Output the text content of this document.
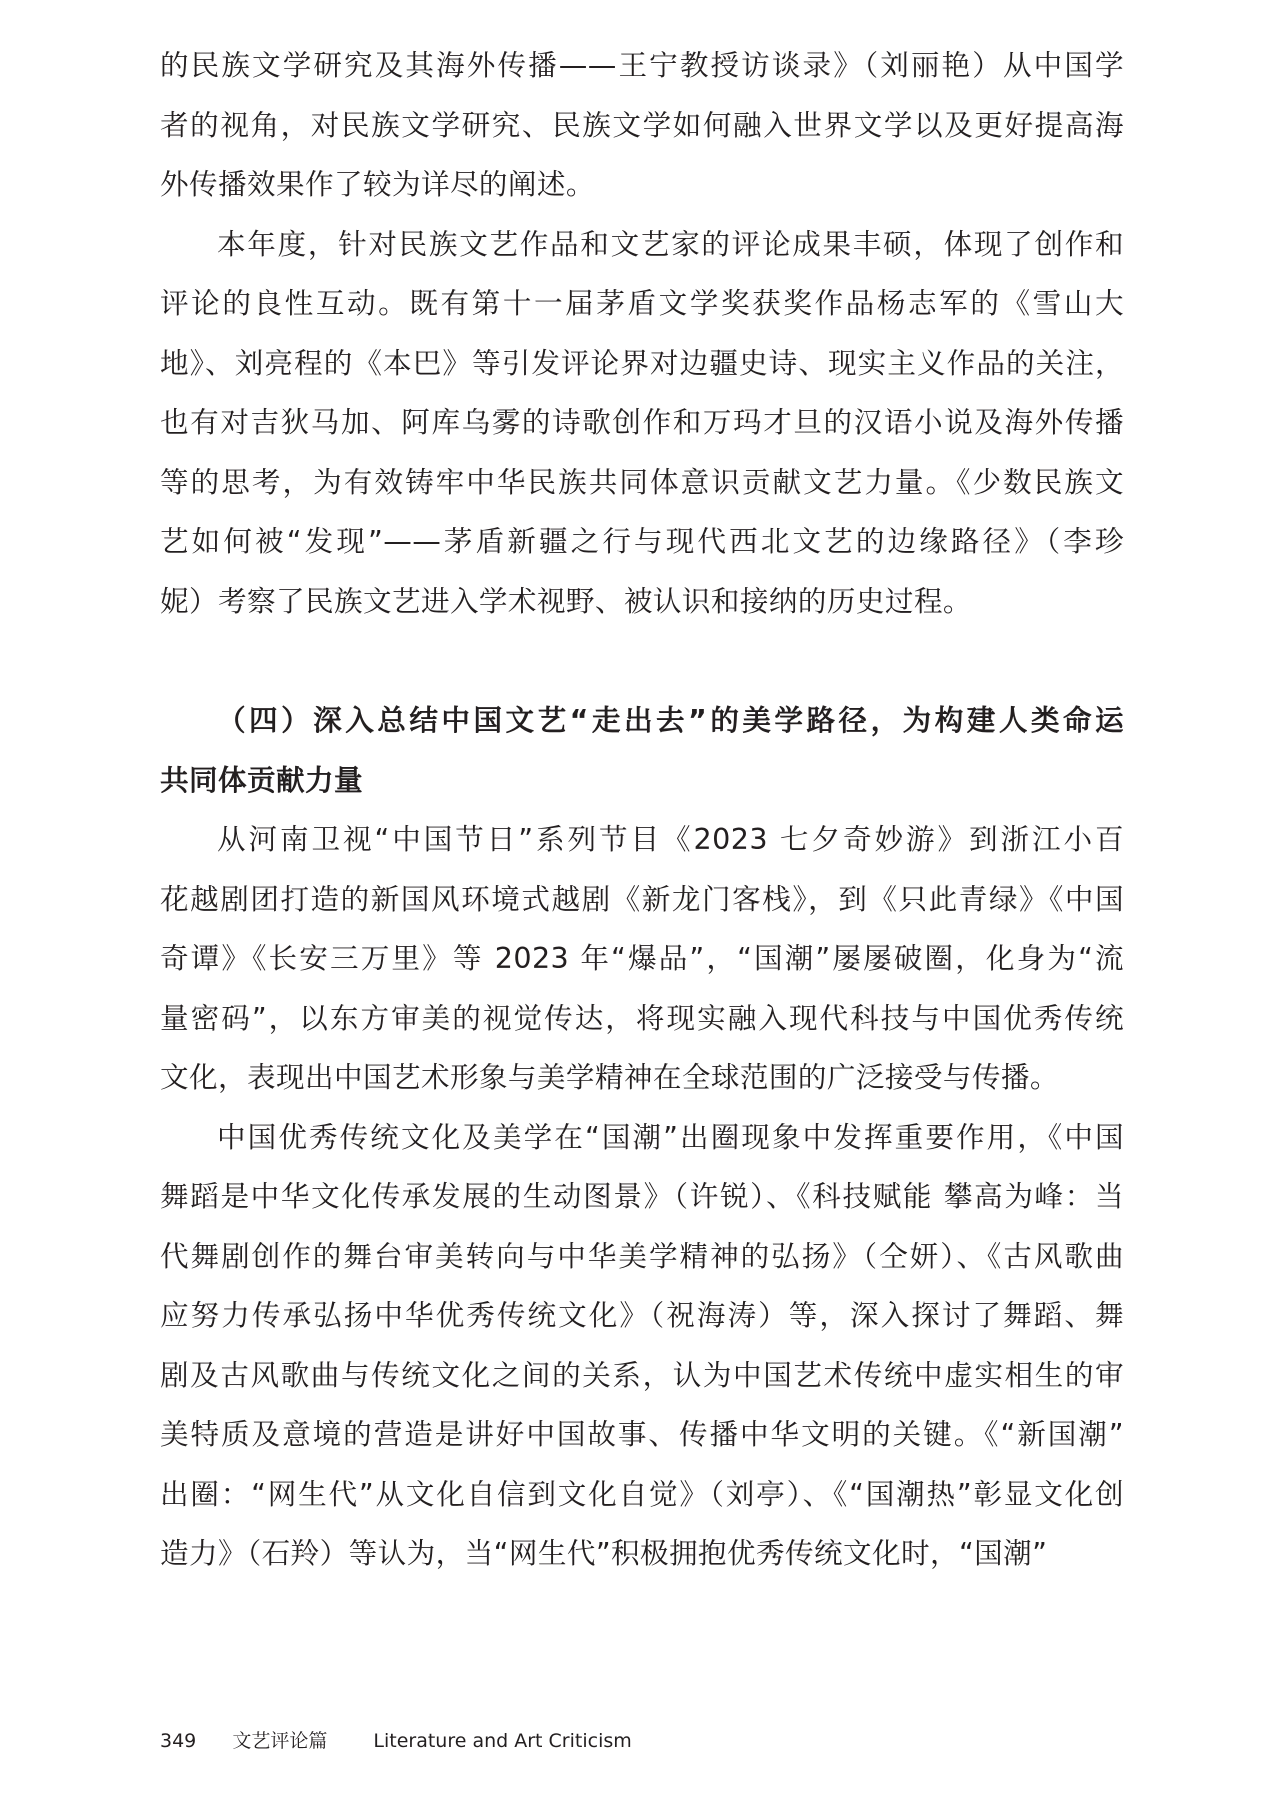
的民族文学研究及其海外传播——王宁教授访谈录》（刘丽艳）从中国学
者的视角，对民族文学研究、民族文学如何融入世界文学以及更好提高海
外传播效果作了较为详尽的阐述。

本年度，针对民族文艺作品和文艺家的评论成果丰硕，体现了创作和
评论的良性互动。既有第十一届茅盾文学奖获奖作品杨志军的《雪山大
地》、刘亮程的《本巴》等引发评论界对边疆史诗、现实主义作品的关注，
也有对吉狄马加、阿库乌雾的诗歌创作和万玛才旦的汉语小说及海外传播
等的思考，为有效铸牢中华民族共同体意识贡献文艺力量。《少数民族文
艺如何被“发现”——茅盾新疆之行与现代西北文艺的边缘路径》（李珍
妮）考察了民族文艺进入学术视野、被认识和接纳的历史过程。

（四）深入总结中国文艺“走出去”的美学路径，为构建人类命运
共同体贡献力量

从河南卫视“中国节日”系列节目《2023 七夕奇妙游》到浙江小百
花越剧团打造的新国风环境式越剧《新龙门客栈》，到《只此青绿》《中国
奇谭》《长安三万里》等 2023 年“爆品”，“国潮”屡屡破圈，化身为“流
量密码”，以东方审美的视觉传达，将现实融入现代科技与中国优秀传统
文化，表现出中国艺术形象与美学精神在全球范围的广泛接受与传播。

中国优秀传统文化及美学在“国潮”出圈现象中发挥重要作用，《中国
舞蹈是中华文化传承发展的生动图景》（许锐）、《科技赋能 攀高为峰：当
代舞剧创作的舞台审美转向与中华美学精神的弘扬》（仝妍）、《古风歌曲
应努力传承弘扬中华优秀传统文化》（祝海涛）等，深入探讨了舞蹈、舞
剧及古风歌曲与传统文化之间的关系，认为中国艺术传统中虚实相生的审
美特质及意境的营造是讲好中国故事、传播中华文明的关键。《“新国潮”
出圈：“网生代”从文化自信到文化自觉》（刘亭）、《“国潮热”彰显文化创
造力》（石羚）等认为，当“网生代”积极拥抱优秀传统文化时，“国潮”

349 文艺评论篇 Literature and Art Criticism
